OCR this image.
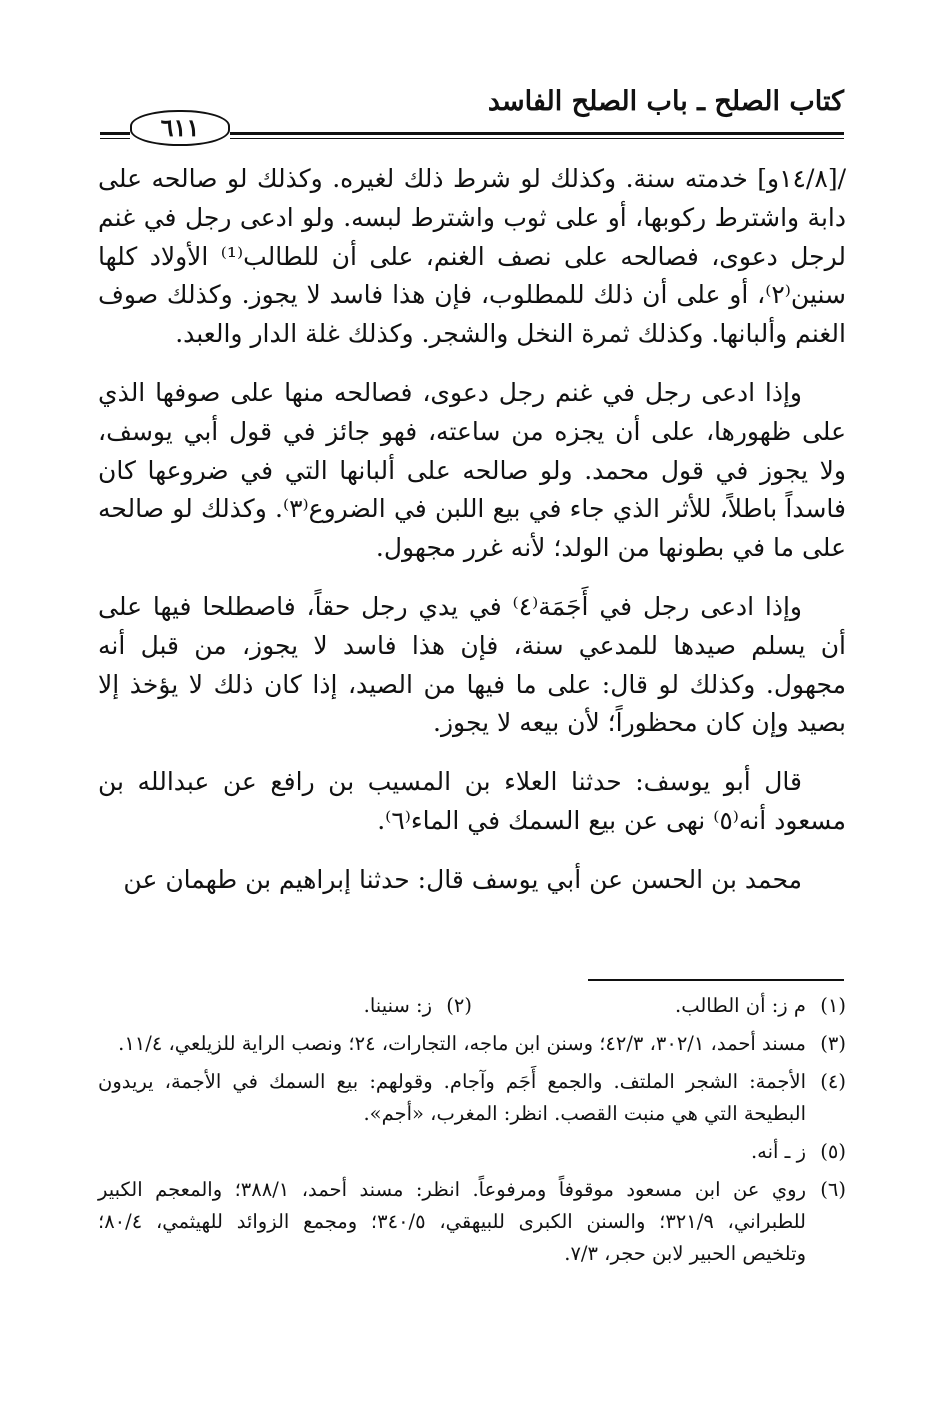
كتاب الصلح ـ باب الصلح الفاسد
٦١١

/[١٤/٨و] خدمته سنة. وكذلك لو شرط ذلك لغيره. وكذلك لو صالحه على دابة واشترط ركوبها، أو على ثوب واشترط لبسه. ولو ادعى رجل في غنم لرجل دعوى، فصالحه على نصف الغنم، على أن للطالب⁽¹⁾ الأولاد كلها سنين⁽٢⁾، أو على أن ذلك للمطلوب، فإن هذا فاسد لا يجوز. وكذلك صوف الغنم وألبانها. وكذلك ثمرة النخل والشجر. وكذلك غلة الدار والعبد.

وإذا ادعى رجل في غنم رجل دعوى، فصالحه منها على صوفها الذي على ظهورها، على أن يجزه من ساعته، فهو جائز في قول أبي يوسف، ولا يجوز في قول محمد. ولو صالحه على ألبانها التي في ضروعها كان فاسداً باطلاً، للأثر الذي جاء في بيع اللبن في الضروع⁽٣⁾. وكذلك لو صالحه على ما في بطونها من الولد؛ لأنه غرر مجهول.

وإذا ادعى رجل في أَجَمَة⁽٤⁾ في يدي رجل حقاً، فاصطلحا فيها على أن يسلم صيدها للمدعي سنة، فإن هذا فاسد لا يجوز، من قبل أنه مجهول. وكذلك لو قال: على ما فيها من الصيد، إذا كان ذلك لا يؤخذ إلا بصيد وإن كان محظوراً؛ لأن بيعه لا يجوز.

قال أبو يوسف: حدثنا العلاء بن المسيب بن رافع عن عبدالله بن مسعود أنه⁽٥⁾ نهى عن بيع السمك في الماء⁽٦⁾.

محمد بن الحسن عن أبي يوسف قال: حدثنا إبراهيم بن طهمان عن

(١)
م ز: أن الطالب.
(٢)
ز: سنينا.
(٣)
مسند أحمد، ٣٠٢/١، ٤٢/٣؛ وسنن ابن ماجه، التجارات، ٢٤؛ ونصب الراية للزيلعي، ١١/٤.
(٤)
الأجمة: الشجر الملتف. والجمع أَجَم وآجام. وقولهم: بيع السمك في الأجمة، يريدون البطيحة التي هي منبت القصب. انظر: المغرب، «أجم».
(٥)
ز ـ أنه.
(٦)
روي عن ابن مسعود موقوفاً ومرفوعاً. انظر: مسند أحمد، ٣٨٨/١؛ والمعجم الكبير للطبراني، ٣٢١/٩؛ والسنن الكبرى للبيهقي، ٣٤٠/٥؛ ومجمع الزوائد للهيثمي، ٨٠/٤؛ وتلخيص الحبير لابن حجر، ٧/٣.
